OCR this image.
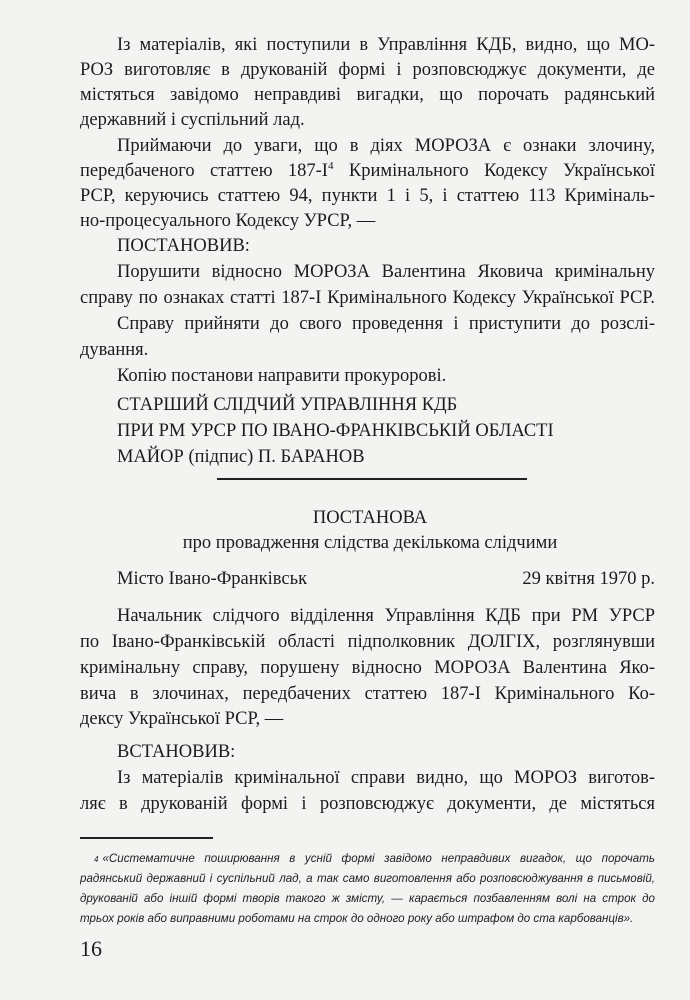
Із матеріалів, які поступили в Управління КДБ, видно, що МО-
РОЗ виготовляє в друкованій формі і розповсюджує документи, де
містяться завідомо неправдиві вигадки, що порочать радянський
державний і суспільний лад.
Приймаючи до уваги, що в діях МОРОЗА є ознаки злочину,
передбаченого статтею $187-І^4$ Кримінального Кодексу Української
РСР, керуючись статтею 94, пункти 1 і 5, і статтею 113 Криміналь-
но-процесуального Кодексу УРСР, —
ПОСТАНОВИВ:
Порушити відносно МОРОЗА Валентина Яковича кримінальну
справу по ознаках статті 187-І Кримінального Кодексу Української РСР.
Справу прийняти до свого проведення і приступити до розслі-
дування.
Копію постанови направити прокуророві.
СТАРШИЙ СЛІДЧИЙ УПРАВЛІННЯ КДБ
ПРИ РМ УРСР ПО ІВАНО-ФРАНКІВСЬКІЙ ОБЛАСТІ
МАЙОР (підпис) П. БАРАНОВ
ПОСТАНОВА
про провадження слідства декількома слідчими
Місто Івано-Франківськ	29 квітня 1970 р.
Начальник слідчого відділення Управління КДБ при РМ УРСР
по Івано-Франківській області підполковник ДОЛГІХ, розглянувши
кримінальну справу, порушену відносно МОРОЗА Валентина Яко-
вича в злочинах, передбачених статтею 187-І Кримінального Ко-
дексу Української РСР, —
ВСТАНОВИВ:
Із матеріалів кримінальної справи видно, що МОРОЗ виготов-
ляє в друкованій формі і розповсюджує документи, де містяться
4 «Систематичне поширювання в усній формі завідомо неправдивих вигадок, що порочать
радянський державний і суспільний лад, а так само виготовлення або розповсюджування в письмовій,
друкованій або іншій формі творів такого ж змісту, — карається позбавленням волі на строк до
трьох років або виправними роботами на строк до одного року або штрафом до ста карбованців».
16
